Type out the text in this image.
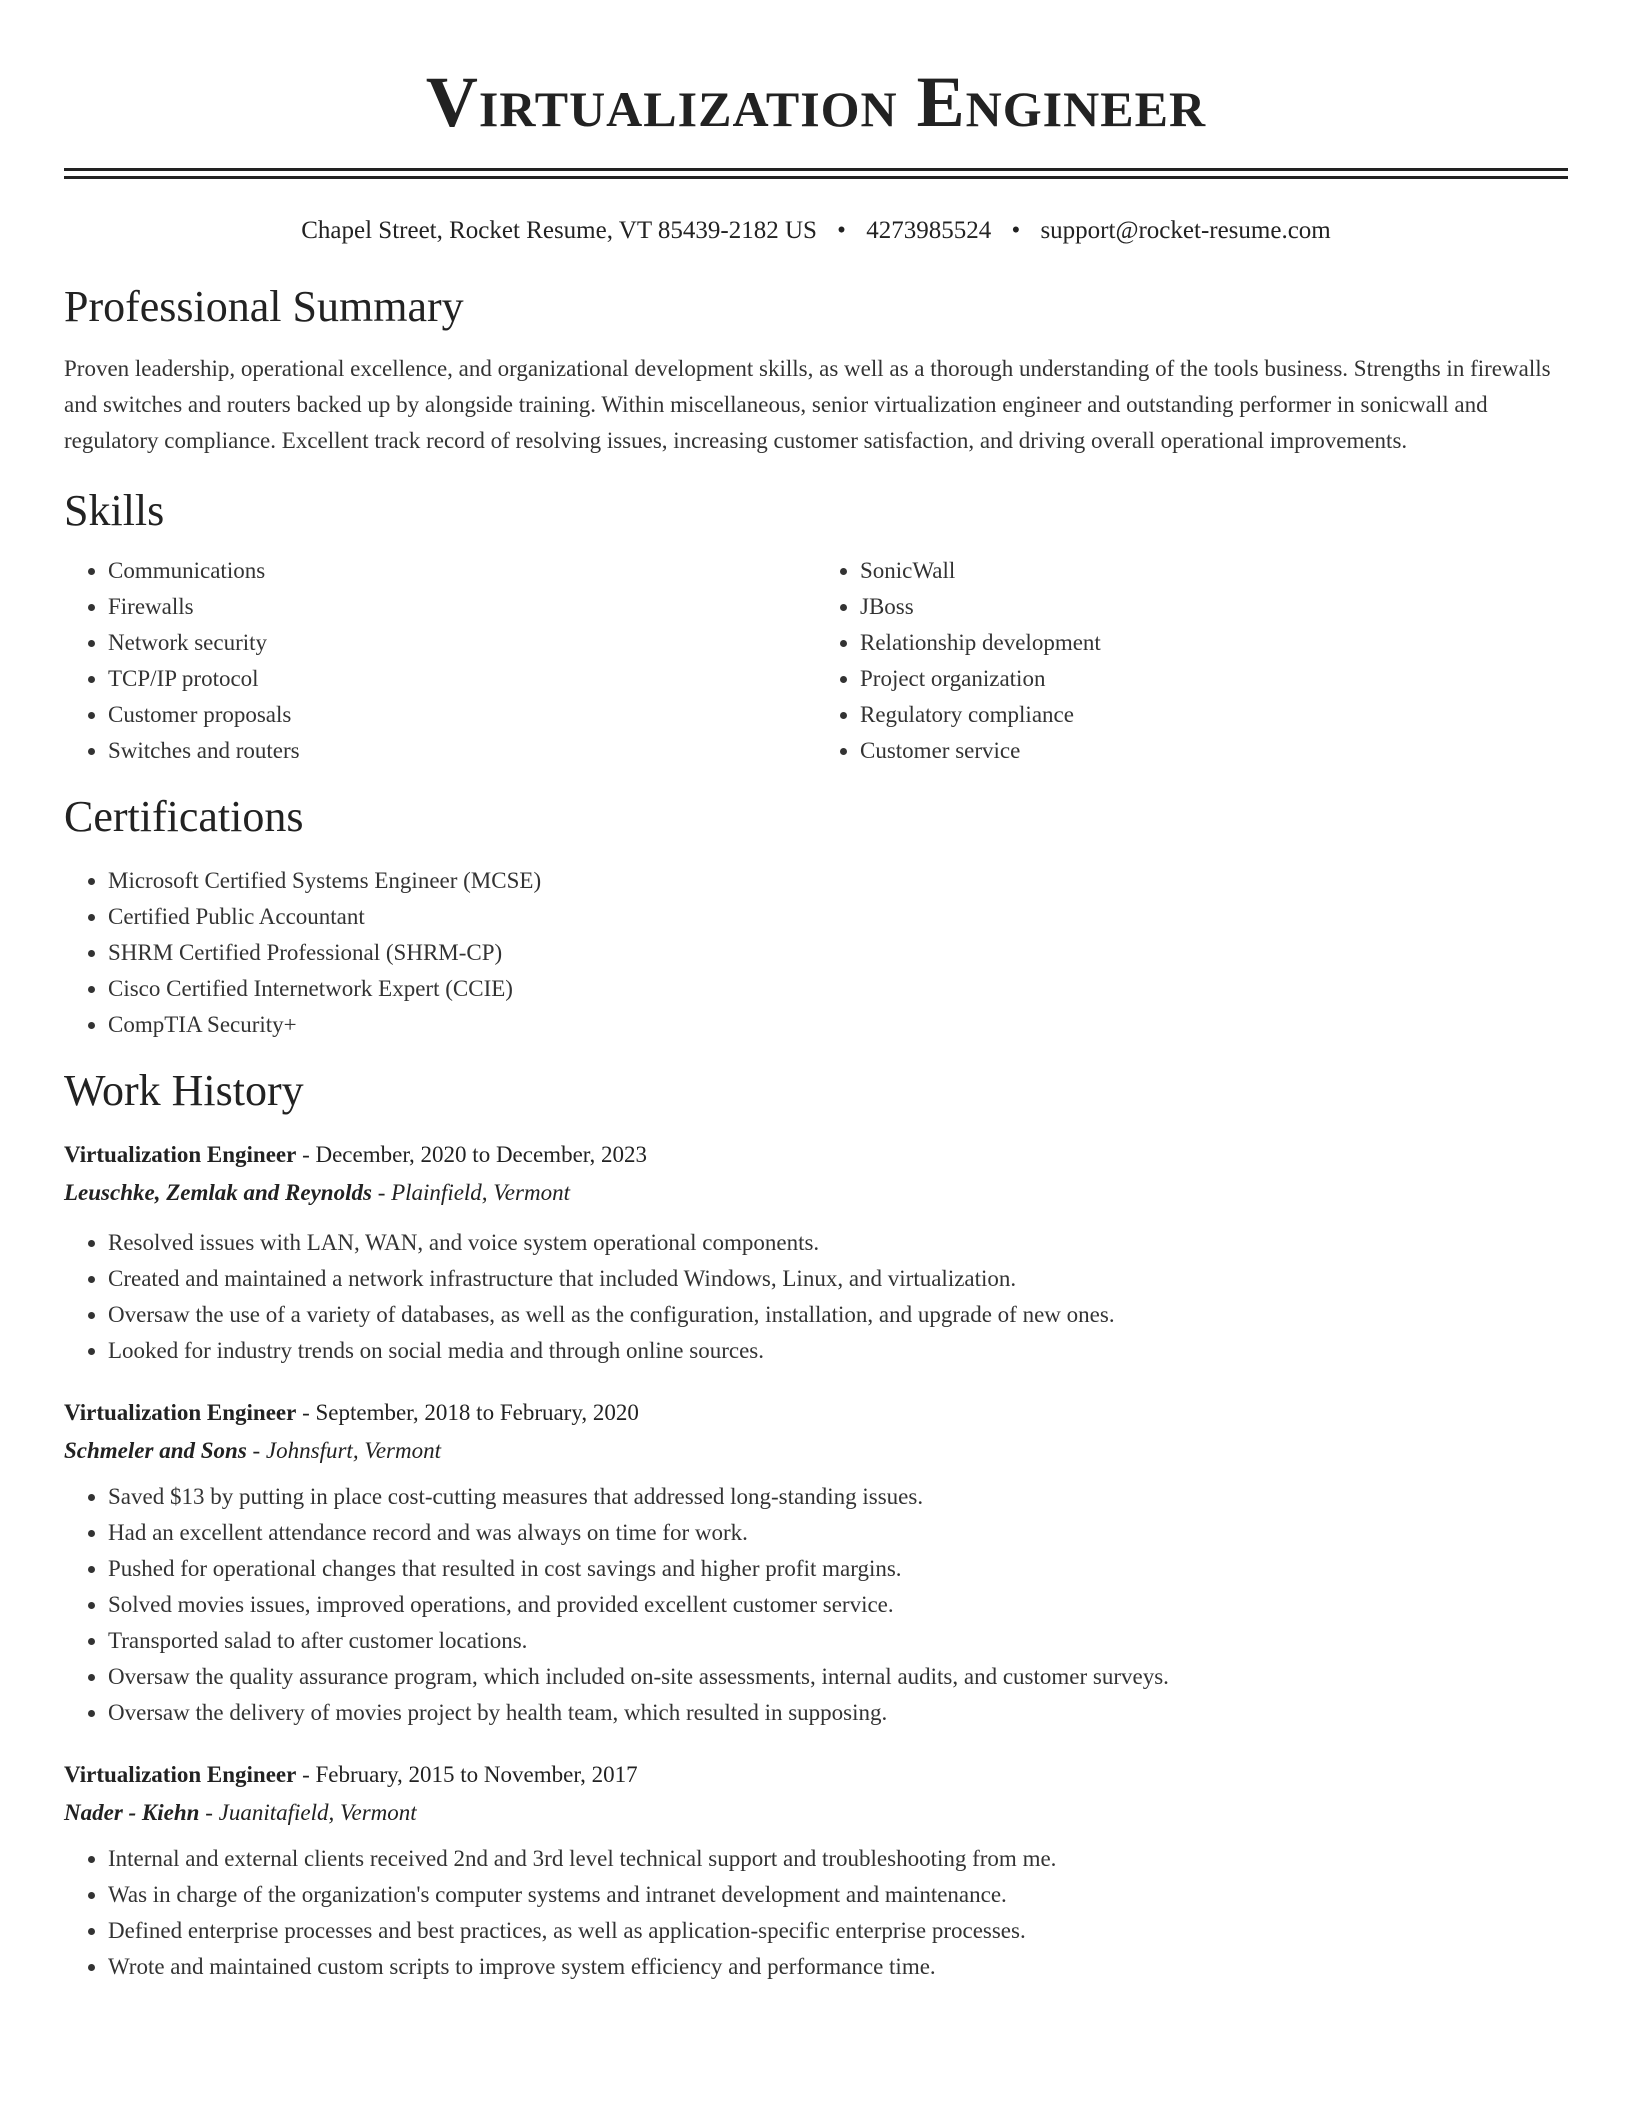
Virtualization Engineer
Chapel Street, Rocket Resume, VT 85439-2182 US • 4273985524 • support@rocket-resume.com
Professional Summary

Proven leadership, operational excellence, and organizational development skills, as well as a thorough understanding of the tools business. Strengths in firewalls and switches and routers backed up by alongside training. Within miscellaneous, senior virtualization engineer and outstanding performer in sonicwall and regulatory compliance. Excellent track record of resolving issues, increasing customer satisfaction, and driving overall operational improvements.

Skills
• Communications
• Firewalls
• Network security
• TCP/IP protocol
• Customer proposals
• Switches and routers
• SonicWall
• JBoss
• Relationship development
• Project organization
• Regulatory compliance
• Customer service
Certifications
• Microsoft Certified Systems Engineer (MCSE)
• Certified Public Accountant
• SHRM Certified Professional (SHRM-CP)
• Cisco Certified Internetwork Expert (CCIE)
• CompTIA Security+
Work History
Virtualization Engineer - December, 2020 to December, 2023
Leuschke, Zemlak and Reynolds - Plainfield, Vermont
• Resolved issues with LAN, WAN, and voice system operational components.
• Created and maintained a network infrastructure that included Windows, Linux, and virtualization.
• Oversaw the use of a variety of databases, as well as the configuration, installation, and upgrade of new ones.
• Looked for industry trends on social media and through online sources.
Virtualization Engineer - September, 2018 to February, 2020
Schmeler and Sons - Johnsfurt, Vermont
• Saved $13 by putting in place cost-cutting measures that addressed long-standing issues.
• Had an excellent attendance record and was always on time for work.
• Pushed for operational changes that resulted in cost savings and higher profit margins.
• Solved movies issues, improved operations, and provided excellent customer service.
• Transported salad to after customer locations.
• Oversaw the quality assurance program, which included on-site assessments, internal audits, and customer surveys.
• Oversaw the delivery of movies project by health team, which resulted in supposing.
Virtualization Engineer - February, 2015 to November, 2017
Nader - Kiehn - Juanitafield, Vermont
• Internal and external clients received 2nd and 3rd level technical support and troubleshooting from me.
• Was in charge of the organization's computer systems and intranet development and maintenance.
• Defined enterprise processes and best practices, as well as application-specific enterprise processes.
• Wrote and maintained custom scripts to improve system efficiency and performance time.
